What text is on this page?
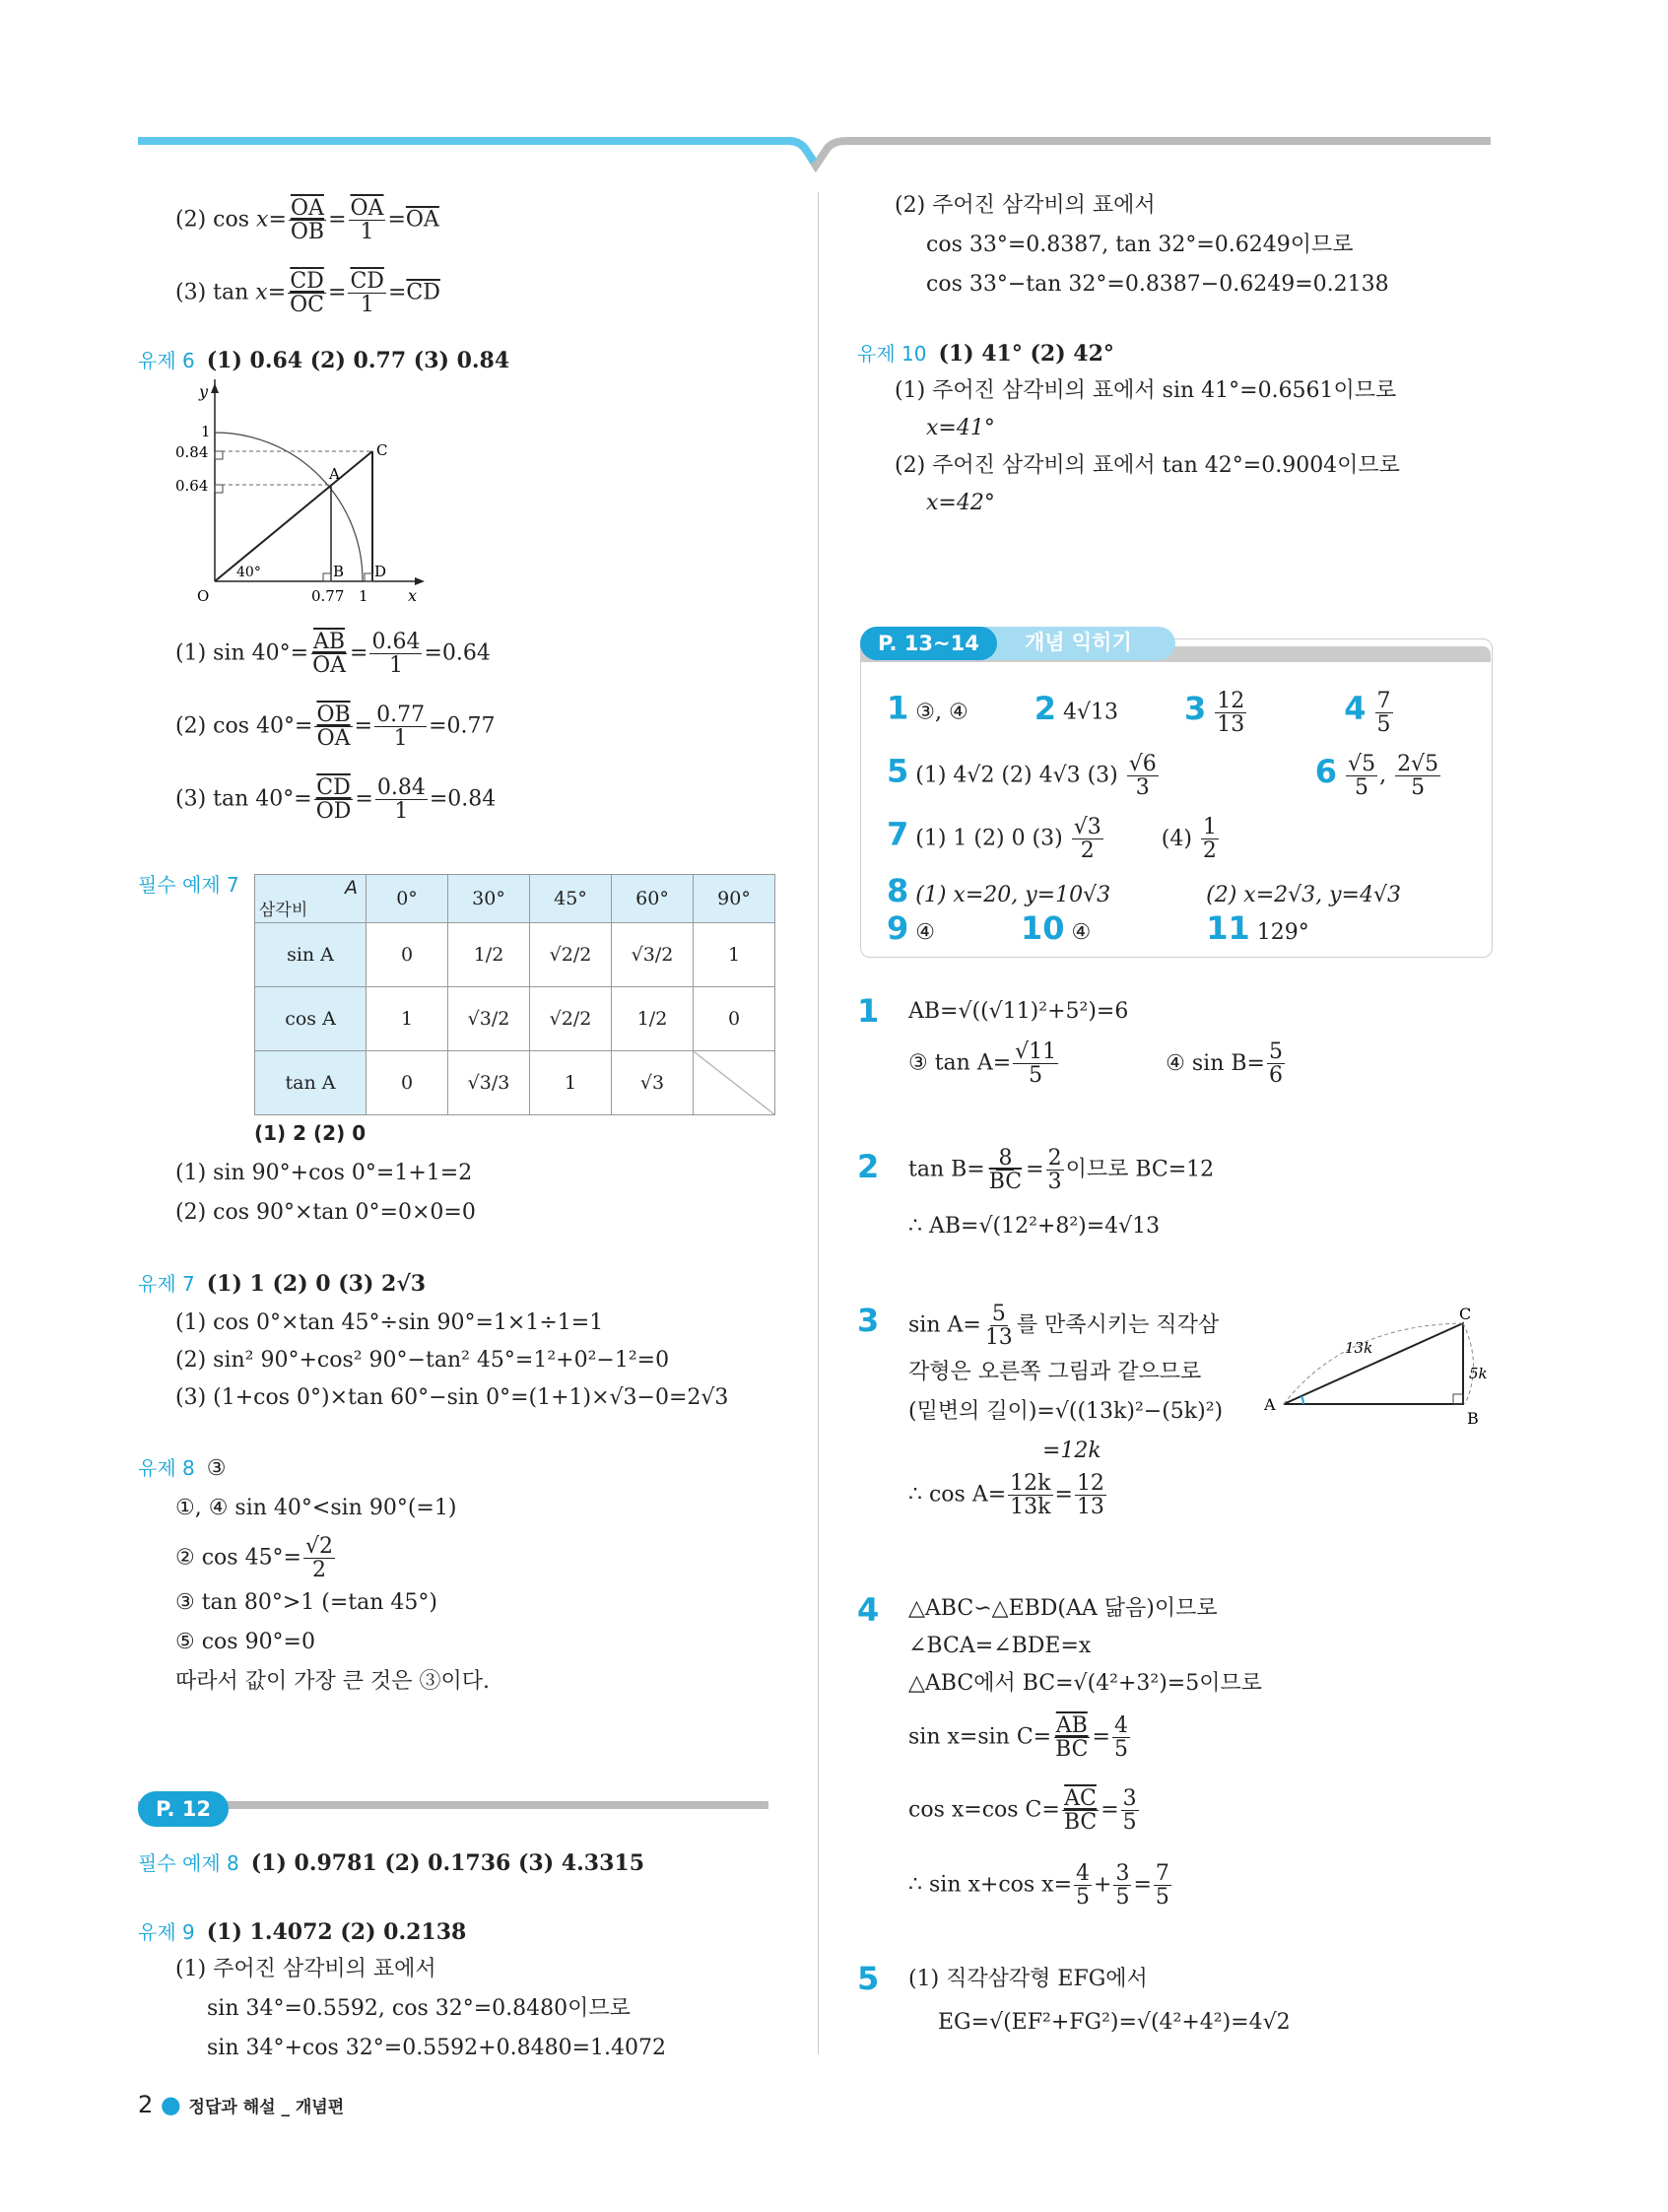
(2) $\cos x= \frac{\overline{OA}}{OB} = \frac{\overline{OA}}{1} =\overline{OA}$
(3) $\tan x= \frac{\overline{CD}}{OC} = \frac{\overline{CD}}{1} =\overline{CD}$
유제 6 (1) 0.64 (2) 0.77 (3) 0.84
y
1
0.84
0.64
A
C
B D
O	0.77 1	x
40°
(1) $\sin 40^\circ= \frac{\overline{AB}}{OA} = \frac{0.64}{1} =0.64$
(2) $\cos 40^\circ= \frac{\overline{OB}}{OA} = \frac{0.77}{1} =0.77$
(3) $\tan 40^\circ= \frac{\overline{CD}}{OD} = \frac{0.84}{1} =0.84$
필수 예제 7	A
삼각비	0°	30°	45°	60°	90°
sin A	0	1/2	√2/2	√3/2	1
cos A	1	√3/2	√2/2	1/2	0
tan A	0	√3/3	1	√3	
(1) 2 (2) 0
(1) sin 90°+cos 0°=1+1=2
(2) cos 90°×tan 0°=0×0=0
유제 7 (1) 1 (2) 0 (3) 2√3
(1) cos 0°×tan 45°÷sin 90°=1×1÷1=1
(2) sin² 90°+cos² 90°−tan² 45°=1²+0²−1²=0
(3) (1+cos 0°)×tan 60°−sin 0°=(1+1)×√3−0=2√3
유제 8 ③
①, ④ sin 40°<sin 90°(=1)
② $\cos 45^\circ= \frac{√2}{2}$
③ tan 80°>1 (=tan 45°)
⑤ cos 90°=0
따라서 값이 가장 큰 것은 ③이다.
P. 12
필수 예제 8 (1) 0.9781 (2) 0.1736 (3) 4.3315
유제 9 (1) 1.4072 (2) 0.2138
(1) 주어진 삼각비의 표에서
sin 34°=0.5592, cos 32°=0.8480이므로
sin 34°+cos 32°=0.5592+0.8480=1.4072
(2) 주어진 삼각비의 표에서
cos 33°=0.8387, tan 32°=0.6249이므로
cos 33°−tan 32°=0.8387−0.6249=0.2138
유제 10 (1) 41° (2) 42°
(1) 주어진 삼각비의 표에서 sin 41°=0.6561이므로
x=41°
(2) 주어진 삼각비의 표에서 tan 42°=0.9004이므로
x=42°
P. 13~14	개념 익히기
1 ③, ④ 2 4√13 $3 \frac{12}{13}$	$4 \frac{7}{5}$
5 (1) 4√2 (2) 4√3 $(3) \frac{√6}{3}$	$6 \frac{√5}{5}$ , $\frac{2√5}{5}$
7 (1) 1 (2) 0 $(3) \frac{√3}{2}$	$(4) \frac{1}{2}$
8 (1) x=20, y=10√3	(2) x=2√3, y=4√3
9 ④	10 ④	11 129°
1 AB=√((√11)²+5²)=6
③ $\tan A= \frac{√11}{5}$	④ $\sin B= \frac{5}{6}$
2 $\tan B= \frac{8}{BC} = \frac{2}{3}$ 이므로 BC=12
∴ AB=√(12²+8²)=4√13
3 $\sin A= \frac{5}{13}$ 를 만족시키는 직각삼
각형은 오른쪽 그림과 같으므로
(밑변의 길이)=√((13k)²−(5k)²)
=12k
∴ $\cos A= \frac{12k}{13k} = \frac{12}{13}$
A
B
C
13k
5k
4 △ABC∽△EBD(AA 닮음)이므로
∠BCA=∠BDE=x
△ABC에서 BC=√(4²+3²)=5이므로
sin x=sin $C= \frac{\overline{AB}}{BC} = \frac{4}{5}$
cos x=cos $C= \frac{\overline{AC}}{BC} = \frac{3}{5}$
∴ sin x+cos $x= \frac{4}{5} + \frac{3}{5} = \frac{7}{5}$
5 (1) 직각삼각형 EFG에서
EG=√(EF²+FG²)=√(4²+4²)=4√2
2 ● 정답과 해설 _ 개념편
